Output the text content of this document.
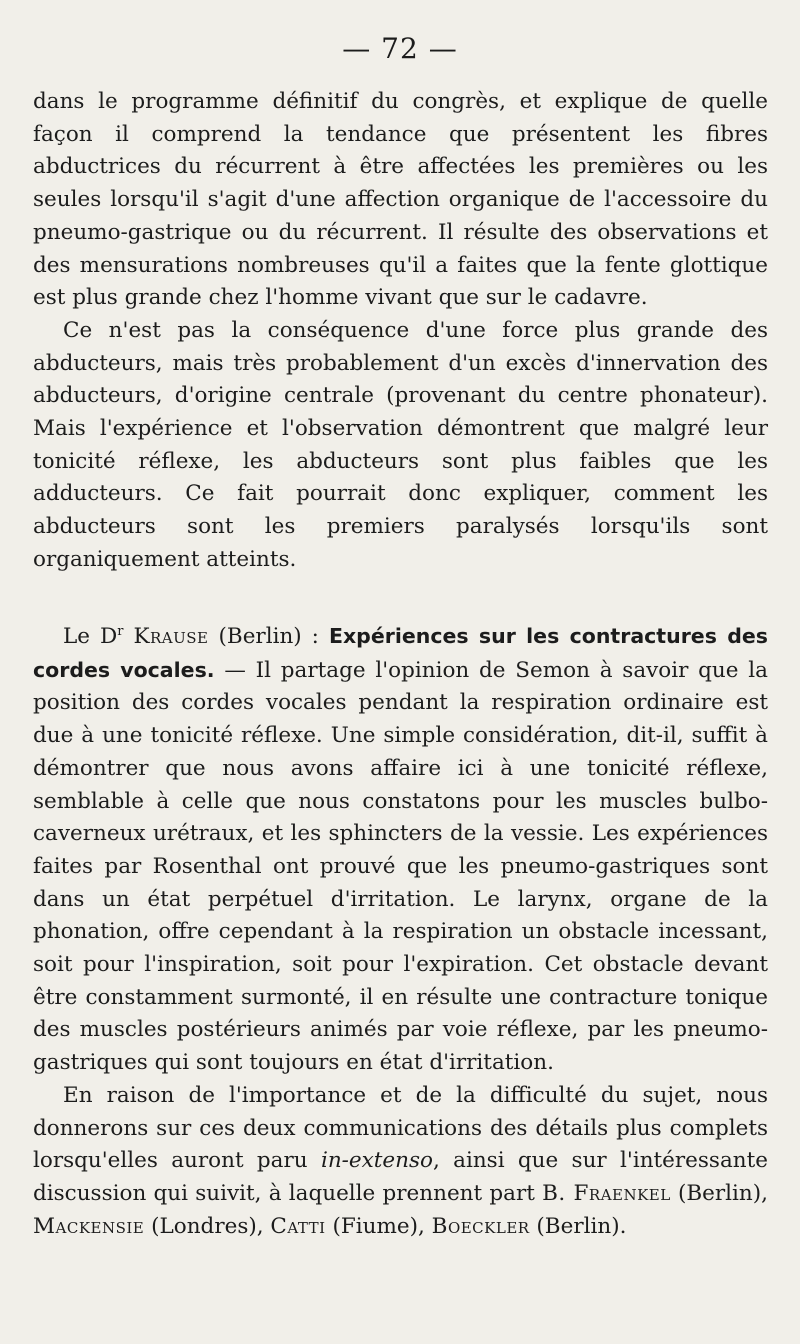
— 72 —

dans le programme définitif du congrès, et explique de quelle façon il comprend la tendance que présentent les fibres abductrices du récurrent à être affectées les premières ou les seules lorsqu'il s'agit d'une affection organique de l'accessoire du pneumo-gastrique ou du récurrent. Il résulte des observations et des mensurations nombreuses qu'il a faites que la fente glottique est plus grande chez l'homme vivant que sur le cadavre.

Ce n'est pas la conséquence d'une force plus grande des abducteurs, mais très probablement d'un excès d'innervation des abducteurs, d'origine centrale (provenant du centre phonateur). Mais l'expérience et l'observation démontrent que malgré leur tonicité réflexe, les abducteurs sont plus faibles que les adducteurs. Ce fait pourrait donc expliquer, comment les abducteurs sont les premiers paralysés lorsqu'ils sont organiquement atteints.

Le $D^r$ Krause (Berlin) : Expériences sur les contractures des cordes vocales. — Il partage l'opinion de Semon à savoir que la position des cordes vocales pendant la respiration ordinaire est due à une tonicité réflexe. Une simple considération, dit-il, suffit à démontrer que nous avons affaire ici à une tonicité réflexe, semblable à celle que nous constatons pour les muscles bulbo-caverneux urétraux, et les sphincters de la vessie. Les expériences faites par Rosenthal ont prouvé que les pneumo-gastriques sont dans un état perpétuel d'irritation. Le larynx, organe de la phonation, offre cependant à la respiration un obstacle incessant, soit pour l'inspiration, soit pour l'expiration. Cet obstacle devant être constamment surmonté, il en résulte une contracture tonique des muscles postérieurs animés par voie réflexe, par les pneumo-gastriques qui sont toujours en état d'irritation.

En raison de l'importance et de la difficulté du sujet, nous donnerons sur ces deux communications des détails plus complets lorsqu'elles auront paru in-extenso, ainsi que sur l'intéressante discussion qui suivit, à laquelle prennent part B. Fraenkel (Berlin), Mackensie (Londres), Catti (Fiume), Boeckler (Berlin).
